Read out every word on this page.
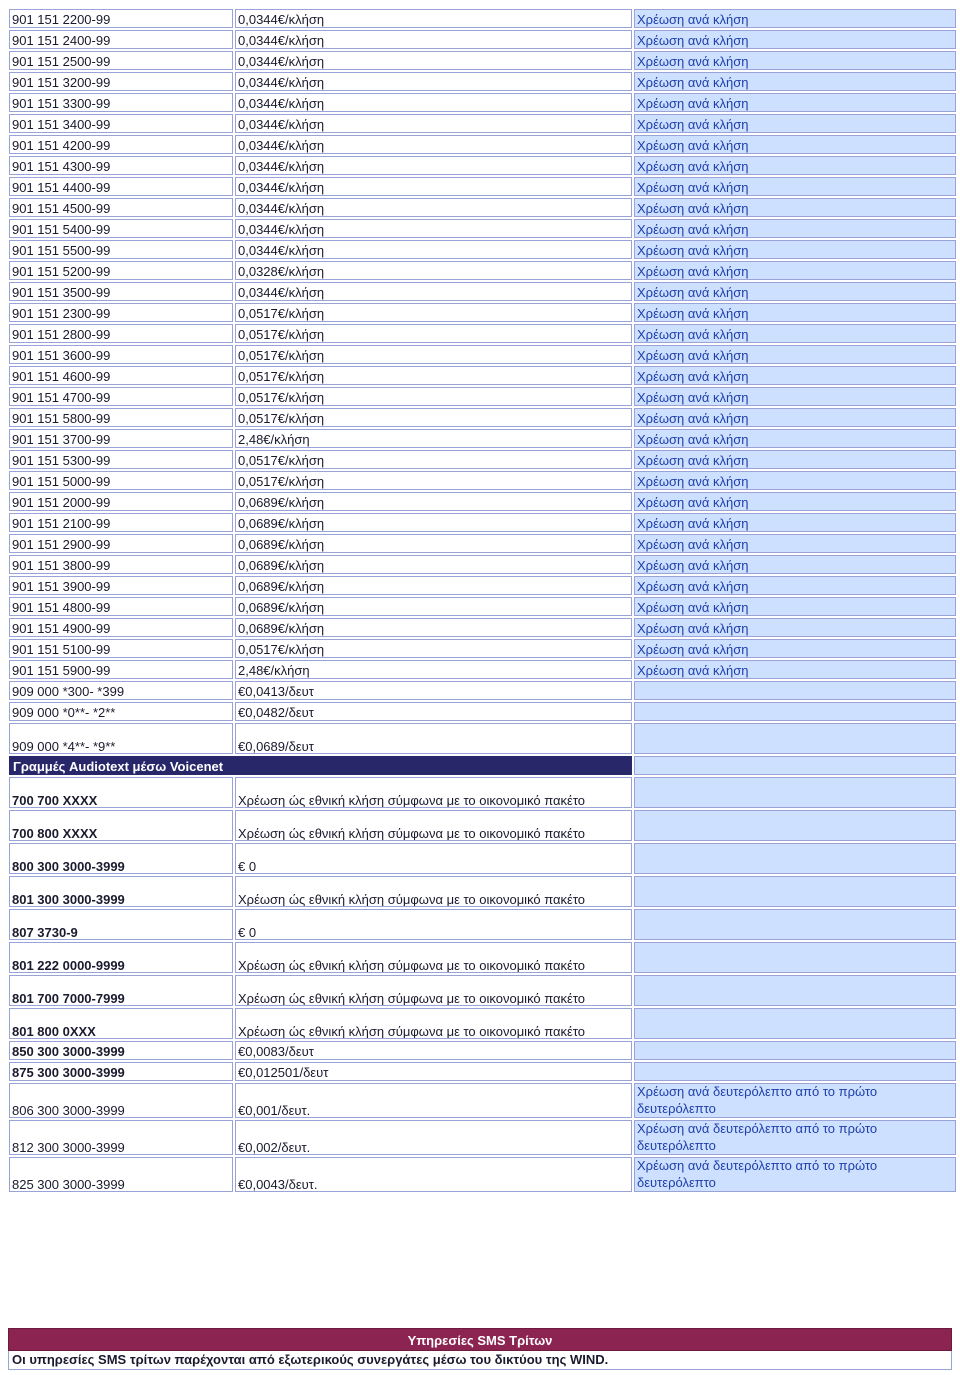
901 151 2200-99	0,0344€/κλήση	Χρέωση ανά κλήση
901 151 2400-99	0,0344€/κλήση	Χρέωση ανά κλήση
901 151 2500-99	0,0344€/κλήση	Χρέωση ανά κλήση
901 151 3200-99	0,0344€/κλήση	Χρέωση ανά κλήση
901 151 3300-99	0,0344€/κλήση	Χρέωση ανά κλήση
901 151 3400-99	0,0344€/κλήση	Χρέωση ανά κλήση
901 151 4200-99	0,0344€/κλήση	Χρέωση ανά κλήση
901 151 4300-99	0,0344€/κλήση	Χρέωση ανά κλήση
901 151 4400-99	0,0344€/κλήση	Χρέωση ανά κλήση
901 151 4500-99	0,0344€/κλήση	Χρέωση ανά κλήση
901 151 5400-99	0,0344€/κλήση	Χρέωση ανά κλήση
901 151 5500-99	0,0344€/κλήση	Χρέωση ανά κλήση
901 151 5200-99	0,0328€/κλήση	Χρέωση ανά κλήση
901 151 3500-99	0,0344€/κλήση	Χρέωση ανά κλήση
901 151 2300-99	0,0517€/κλήση	Χρέωση ανά κλήση
901 151 2800-99	0,0517€/κλήση	Χρέωση ανά κλήση
901 151 3600-99	0,0517€/κλήση	Χρέωση ανά κλήση
901 151 4600-99	0,0517€/κλήση	Χρέωση ανά κλήση
901 151 4700-99	0,0517€/κλήση	Χρέωση ανά κλήση
901 151 5800-99	0,0517€/κλήση	Χρέωση ανά κλήση
901 151 3700-99	2,48€/κλήση	Χρέωση ανά κλήση
901 151 5300-99	0,0517€/κλήση	Χρέωση ανά κλήση
901 151 5000-99	0,0517€/κλήση	Χρέωση ανά κλήση
901 151 2000-99	0,0689€/κλήση	Χρέωση ανά κλήση
901 151 2100-99	0,0689€/κλήση	Χρέωση ανά κλήση
901 151 2900-99	0,0689€/κλήση	Χρέωση ανά κλήση
901 151 3800-99	0,0689€/κλήση	Χρέωση ανά κλήση
901 151 3900-99	0,0689€/κλήση	Χρέωση ανά κλήση
901 151 4800-99	0,0689€/κλήση	Χρέωση ανά κλήση
901 151 4900-99	0,0689€/κλήση	Χρέωση ανά κλήση
901 151 5100-99	0,0517€/κλήση	Χρέωση ανά κλήση
901 151 5900-99	2,48€/κλήση	Χρέωση ανά κλήση
909 000 *300- *399	€0,0413/δευτ	
909 000 *0**- *2**	€0,0482/δευτ	
909 000 *4**- *9**	€0,0689/δευτ	
Γραμμές Audiotext μέσω Voicenet		
700 700 XXXX	Χρέωση ώς εθνική κλήση σύμφωνα με το οικονομικό πακέτο	
700 800 XXXX	Χρέωση ώς εθνική κλήση σύμφωνα με το οικονομικό πακέτο	
800 300 3000-3999	€ 0	
801 300 3000-3999	Χρέωση ώς εθνική κλήση σύμφωνα με το οικονομικό πακέτο	
807 3730-9	€ 0	
801 222 0000-9999	Χρέωση ώς εθνική κλήση σύμφωνα με το οικονομικό πακέτο	
801 700 7000-7999	Χρέωση ώς εθνική κλήση σύμφωνα με το οικονομικό πακέτο	
801 800 0XXX	Χρέωση ώς εθνική κλήση σύμφωνα με το οικονομικό πακέτο	
850 300 3000-3999	€0,0083/δευτ	
875 300 3000-3999	€0,012501/δευτ	
806 300 3000-3999	€0,001/δευτ.	Χρέωση ανά δευτερόλεπτο από το πρώτο δευτερόλεπτο
812 300 3000-3999	€0,002/δευτ.	Χρέωση ανά δευτερόλεπτο από το πρώτο δευτερόλεπτο
825 300 3000-3999	€0,0043/δευτ.	Χρέωση ανά δευτερόλεπτο από το πρώτο δευτερόλεπτο

Υπηρεσίες SMS Τρίτων
Οι υπηρεσίες SMS τρίτων παρέχονται από εξωτερικούς συνεργάτες μέσω του δικτύου της WIND.
